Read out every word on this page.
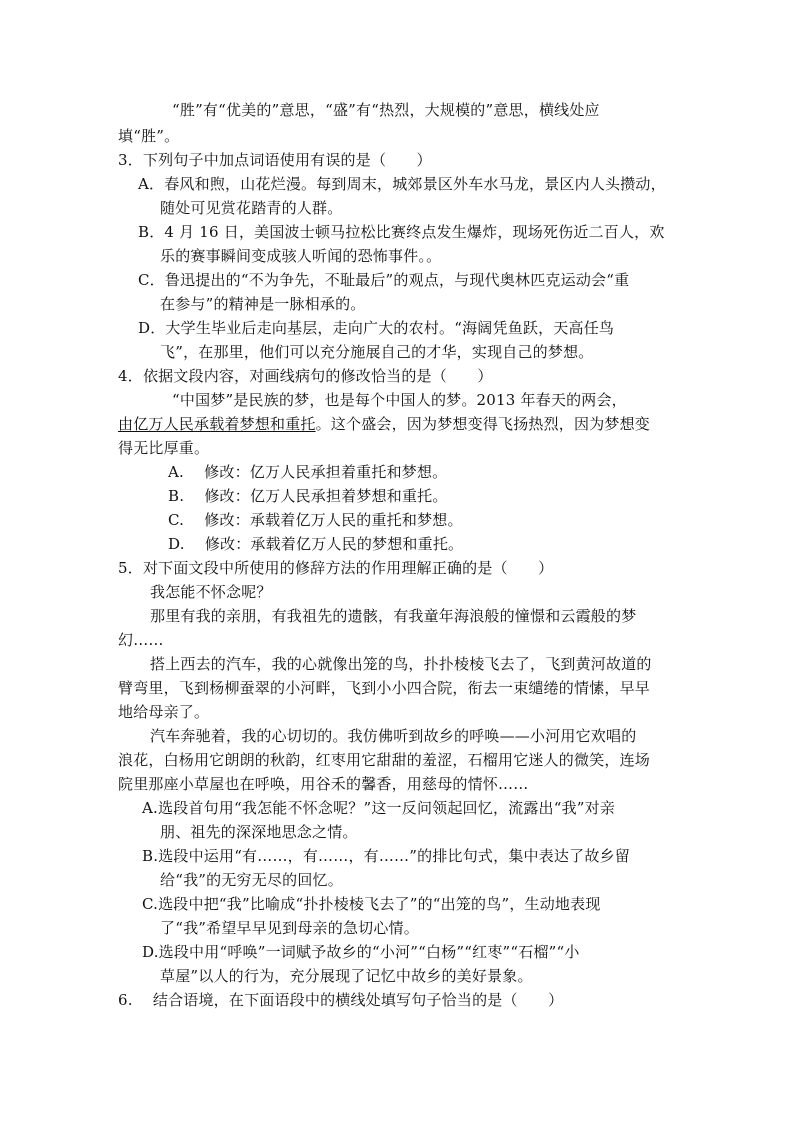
“胜”有“优美的”意思，“盛”有“热烈，大规模的”意思，横线处应
填“胜”。
3．下列句子中加点词语使用有误的是（　　）
A．春风和煦，山花烂漫。每到周末，城郊景区外车水马龙，景区内人头攒动，
随处可见赏花踏青的人群。
B．4 月 16 日，美国波士顿马拉松比赛终点发生爆炸，现场死伤近二百人，欢
乐的赛事瞬间变成骇人听闻的恐怖事件。。
C．鲁迅提出的“不为争先，不耻最后”的观点，与现代奥林匹克运动会“重
在参与”的精神是一脉相承的。
D．大学生毕业后走向基层，走向广大的农村。“海阔凭鱼跃，天高任鸟
飞”，在那里，他们可以充分施展自己的才华，实现自己的梦想。
4．依据文段内容，对画线病句的修改恰当的是（　　）
“中国梦”是民族的梦，也是每个中国人的梦。2013 年春天的两会，
由亿万人民承载着梦想和重托。这个盛会，因为梦想变得飞扬热烈，因为梦想变
得无比厚重。
A.　 修改：亿万人民承担着重托和梦想。
B.　 修改：亿万人民承担着梦想和重托。
C.　 修改：承载着亿万人民的重托和梦想。
D.　 修改：承载着亿万人民的梦想和重托。
5．对下面文段中所使用的修辞方法的作用理解正确的是（　　）
我怎能不怀念呢？
那里有我的亲朋，有我祖先的遗骸，有我童年海浪般的憧憬和云霞般的梦
幻……
搭上西去的汽车，我的心就像出笼的鸟，扑扑棱棱飞去了，飞到黄河故道的
臂弯里，飞到杨柳蚕翠的小河畔，飞到小小四合院，衔去一束缱绻的情愫，早早
地给母亲了。
汽车奔驰着，我的心切切的。我仿佛听到故乡的呼唤——小河用它欢唱的
浪花，白杨用它朗朗的秋韵，红枣用它甜甜的羞涩，石榴用它迷人的微笑，连场
院里那座小草屋也在呼唤，用谷禾的馨香，用慈母的情怀……
A.选段首句用“我怎能不怀念呢？”这一反问领起回忆，流露出“我”对亲
朋、祖先的深深地思念之情。
B.选段中运用“有……，有……，有……”的排比句式，集中表达了故乡留
给“我”的无穷无尽的回忆。
C.选段中把“我”比喻成“扑扑棱棱飞去了”的“出笼的鸟”，生动地表现
了“我”希望早早见到母亲的急切心情。
D.选段中用“呼唤”一词赋予故乡的“小河”“白杨”“红枣”“石榴”“小
草屋”以人的行为，充分展现了记忆中故乡的美好景象。
6.　 结合语境，在下面语段中的横线处填写句子恰当的是（　　）
